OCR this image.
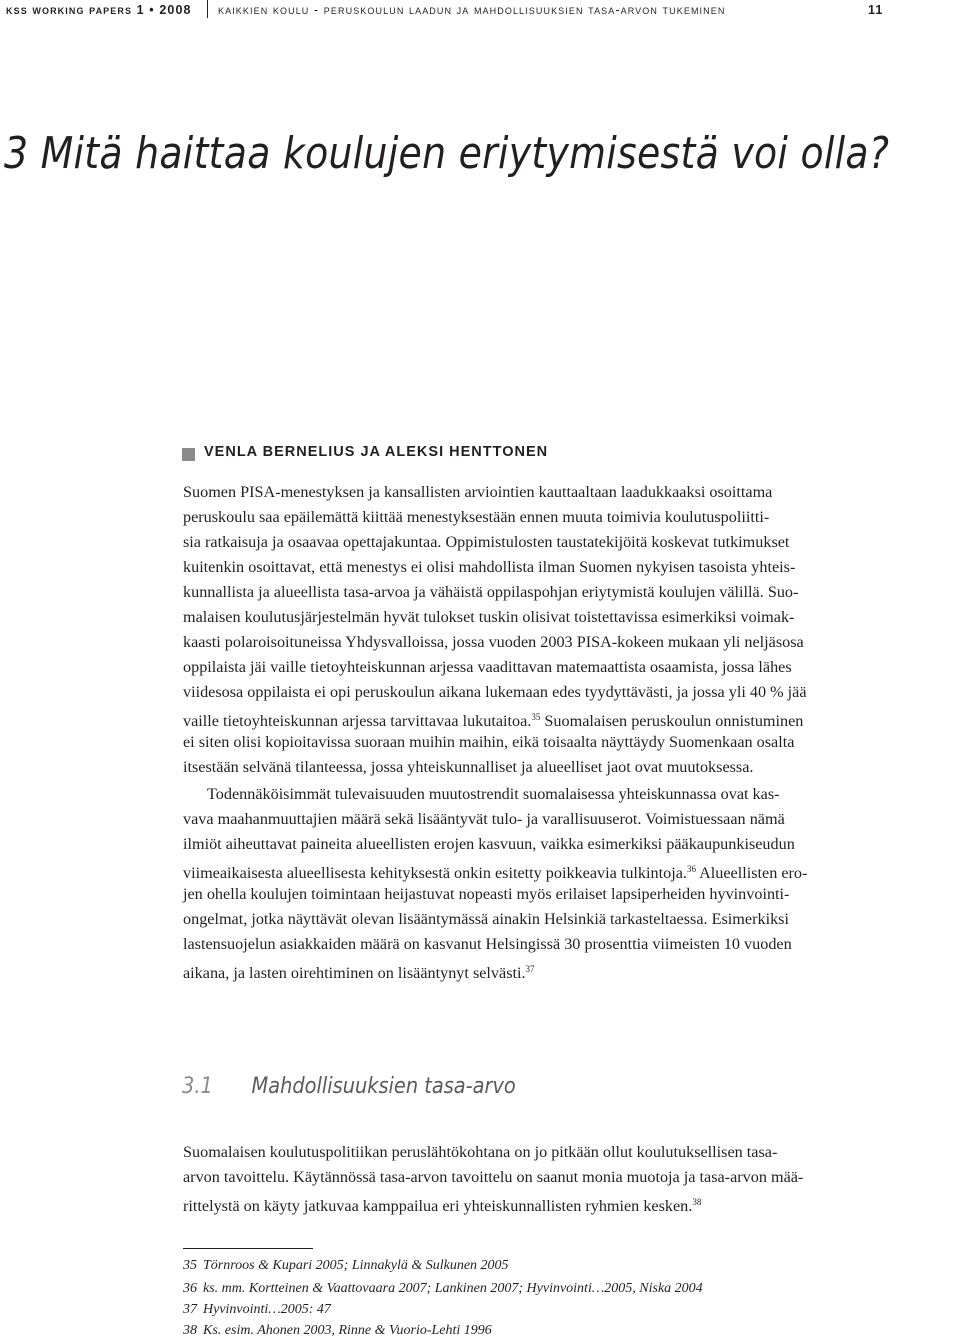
kss working papers 1 • 2008 kaikkien koulu - peruskoulun laadun ja mahdollisuuksien tasa-arvon tukeminen	11
3 Mitä haittaa koulujen eriytymisestä voi olla?
VENLA BERNELIUS JA ALEKSI HENTTONEN
Suomen PISA-menestyksen ja kansallisten arviointien kauttaaltaan laadukkaaksi osoittama
peruskoulu saa epäilemättä kiittää menestyksestään ennen muuta toimivia koulutuspoliitti-
sia ratkaisuja ja osaavaa opettajakuntaa. Oppimistulosten taustatekijöitä koskevat tutkimukset
kuitenkin osoittavat, että menestys ei olisi mahdollista ilman Suomen nykyisen tasoista yhteis-
kunnallista ja alueellista tasa-arvoa ja vähäistä oppilaspohjan eriytymistä koulujen välillä. Suo-
malaisen koulutusjärjestelmän hyvät tulokset tuskin olisivat toistettavissa esimerkiksi voimak-
kaasti polaroisoituneissa Yhdysvalloissa, jossa vuoden 2003 PISA-kokeen mukaan yli neljäsosa
oppilaista jäi vaille tietoyhteiskunnan arjessa vaadittavan matemaattista osaamista, jossa lähes
viidesosa oppilaista ei opi peruskoulun aikana lukemaan edes tyydyttävästi, ja jossa yli 40 % jää
vaille tietoyhteiskunnan arjessa tarvittavaa lukutaitoa.$^{35}$ Suomalaisen peruskoulun onnistuminen
ei siten olisi kopioitavissa suoraan muihin maihin, eikä toisaalta näyttäydy Suomenkaan osalta
itsestään selvänä tilanteessa, jossa yhteiskunnalliset ja alueelliset jaot ovat muutoksessa.
Todennäköisimmät tulevaisuuden muutostrendit suomalaisessa yhteiskunnassa ovat kas-
vava maahanmuuttajien määrä sekä lisääntyvät tulo- ja varallisuuserot. Voimistuessaan nämä
ilmiöt aiheuttavat paineita alueellisten erojen kasvuun, vaikka esimerkiksi pääkaupunkiseudun
viimeaikaisesta alueellisesta kehityksestä onkin esitetty poikkeavia tulkintoja.$^{36}$ Alueellisten ero-
jen ohella koulujen toimintaan heijastuvat nopeasti myös erilaiset lapsiperheiden hyvinvointi-
ongelmat, jotka näyttävät olevan lisääntymässä ainakin Helsinkiä tarkasteltaessa. Esimerkiksi
lastensuojelun asiakkaiden määrä on kasvanut Helsingissä 30 prosenttia viimeisten 10 vuoden
aikana, ja lasten oirehtiminen on lisääntynyt selvästi.$^{37}$
3.1 Mahdollisuuksien tasa-arvo
Suomalaisen koulutuspolitiikan peruslähtökohtana on jo pitkään ollut koulutuksellisen tasa-
arvon tavoittelu. Käytännössä tasa-arvon tavoittelu on saanut monia muotoja ja tasa-arvon mää-
rittelystä on käyty jatkuvaa kamppailua eri yhteiskunnallisten ryhmien kesken.$^{38}$
35 Törnroos & Kupari 2005; Linnakylä & Sulkunen 2005
36 ks. mm. Kortteinen & Vaattovaara 2007; Lankinen 2007; Hyvinvointi…2005, Niska 2004
37 Hyvinvointi…2005: 47
38 Ks. esim. Ahonen 2003, Rinne & Vuorio-Lehti 1996
